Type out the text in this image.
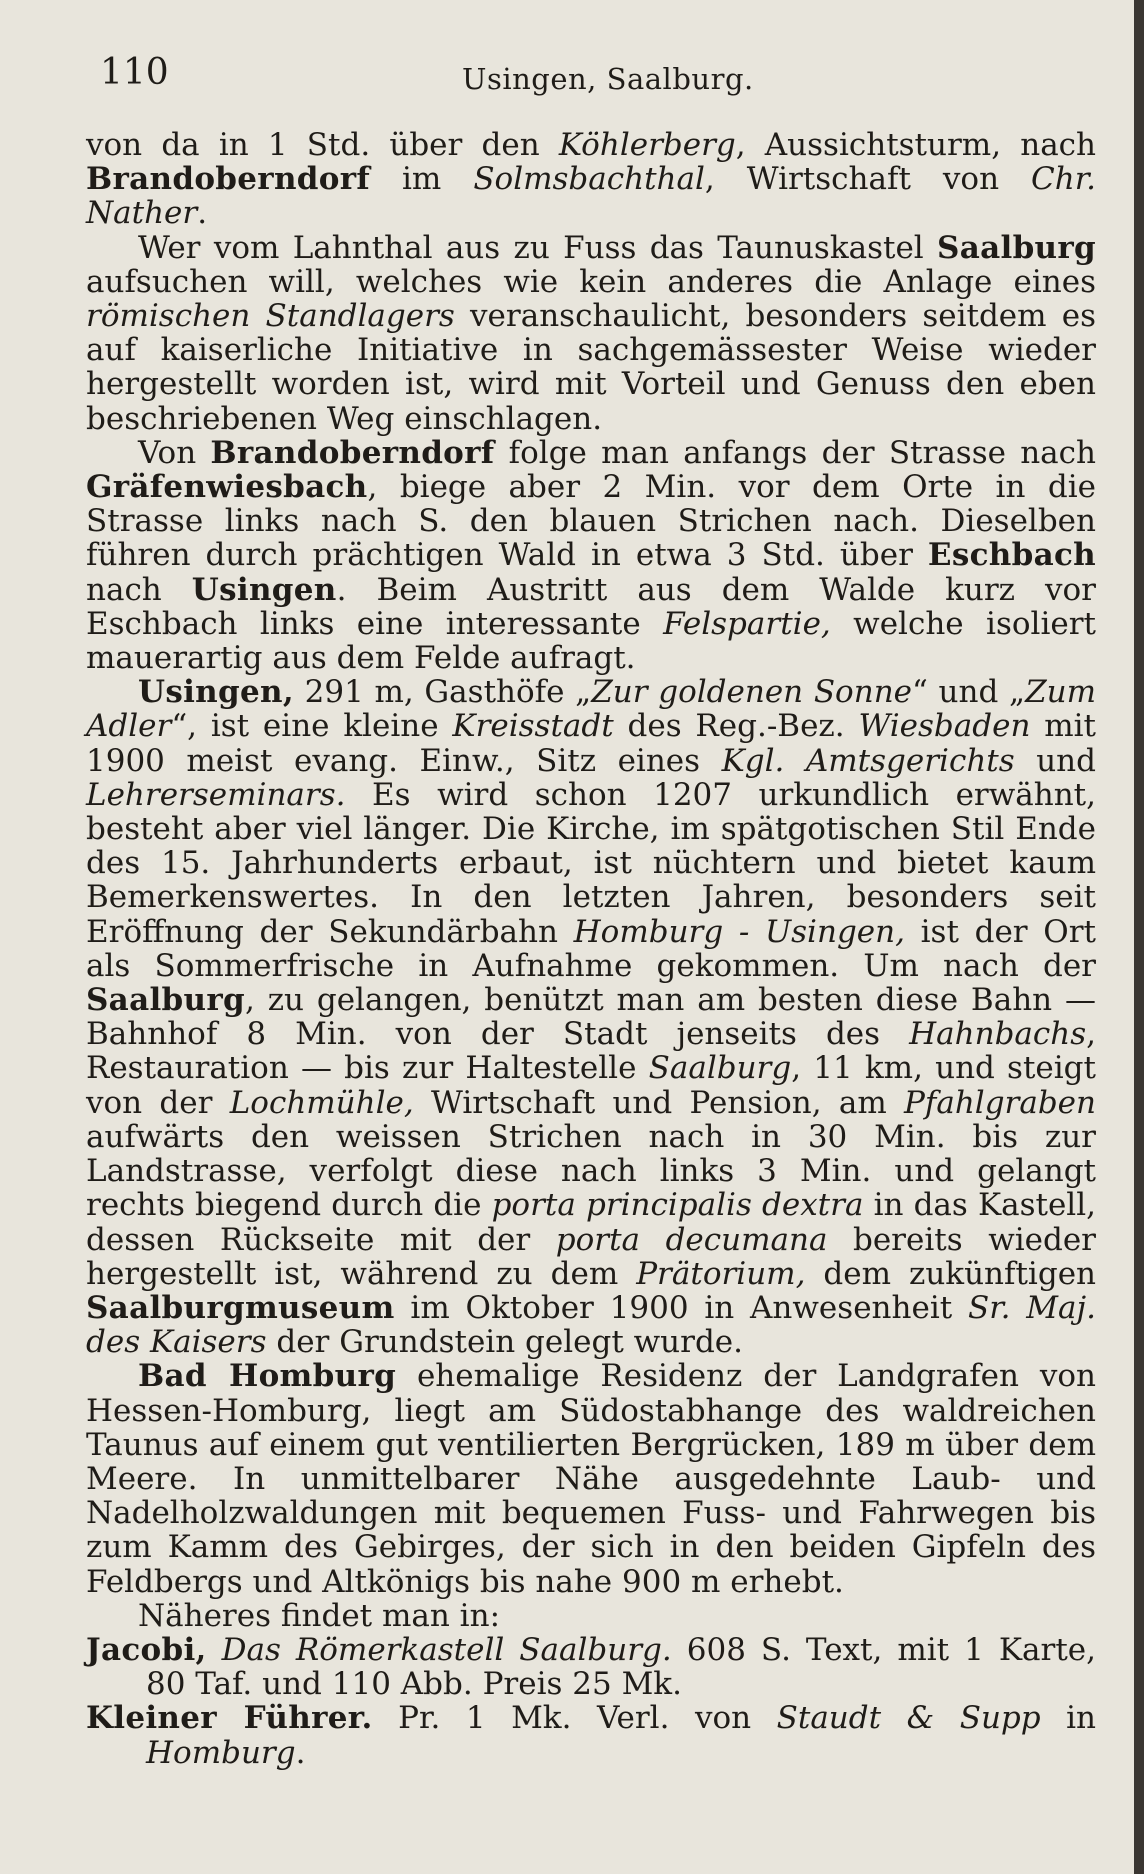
110	Usingen, Saalburg.

von da in 1 Std. über den Köhlerberg, Aussichtsturm, nach Brandoberndorf im Solmsbachthal, Wirtschaft von Chr. Nather.

Wer vom Lahnthal aus zu Fuss das Taunuskastel Saalburg aufsuchen will, welches wie kein anderes die Anlage eines römischen Standlagers veranschaulicht, besonders seitdem es auf kaiserliche Initiative in sachgemässester Weise wieder hergestellt worden ist, wird mit Vorteil und Genuss den eben beschriebenen Weg einschlagen.

Von Brandoberndorf folge man anfangs der Strasse nach Gräfenwiesbach, biege aber 2 Min. vor dem Orte in die Strasse links nach S. den blauen Strichen nach. Dieselben führen durch prächtigen Wald in etwa 3 Std. über Eschbach nach Usingen. Beim Austritt aus dem Walde kurz vor Eschbach links eine interessante Felspartie, welche isoliert mauerartig aus dem Felde aufragt.

Usingen, 291 m, Gasthöfe „Zur goldenen Sonne“ und „Zum Adler“, ist eine kleine Kreisstadt des Reg.-Bez. Wiesbaden mit 1900 meist evang. Einw., Sitz eines Kgl. Amtsgerichts und Lehrerseminars. Es wird schon 1207 urkundlich erwähnt, besteht aber viel länger. Die Kirche, im spätgotischen Stil Ende des 15. Jahrhunderts erbaut, ist nüchtern und bietet kaum Bemerkenswertes. In den letzten Jahren, besonders seit Eröffnung der Sekundärbahn Homburg - Usingen, ist der Ort als Sommerfrische in Aufnahme gekommen. Um nach der Saalburg, zu gelangen, benützt man am besten diese Bahn — Bahnhof 8 Min. von der Stadt jenseits des Hahnbachs, Restauration — bis zur Haltestelle Saalburg, 11 km, und steigt von der Lochmühle, Wirtschaft und Pension, am Pfahlgraben aufwärts den weissen Strichen nach in 30 Min. bis zur Landstrasse, verfolgt diese nach links 3 Min. und gelangt rechts biegend durch die porta principalis dextra in das Kastell, dessen Rückseite mit der porta decumana bereits wieder hergestellt ist, während zu dem Prätorium, dem zukünftigen Saalburgmuseum im Oktober 1900 in Anwesenheit Sr. Maj. des Kaisers der Grundstein gelegt wurde.

Bad Homburg ehemalige Residenz der Landgrafen von Hessen-Homburg, liegt am Südostabhange des waldreichen Taunus auf einem gut ventilierten Bergrücken, 189 m über dem Meere. In unmittelbarer Nähe ausgedehnte Laub- und Nadelholzwaldungen mit bequemen Fuss- und Fahrwegen bis zum Kamm des Gebirges, der sich in den beiden Gipfeln des Feldbergs und Altkönigs bis nahe 900 m erhebt.

Näheres findet man in:

Jacobi, Das Römerkastell Saalburg. 608 S. Text, mit 1 Karte, 80 Taf. und 110 Abb. Preis 25 Mk.

Kleiner Führer. Pr. 1 Mk. Verl. von Staudt & Supp in Homburg.
